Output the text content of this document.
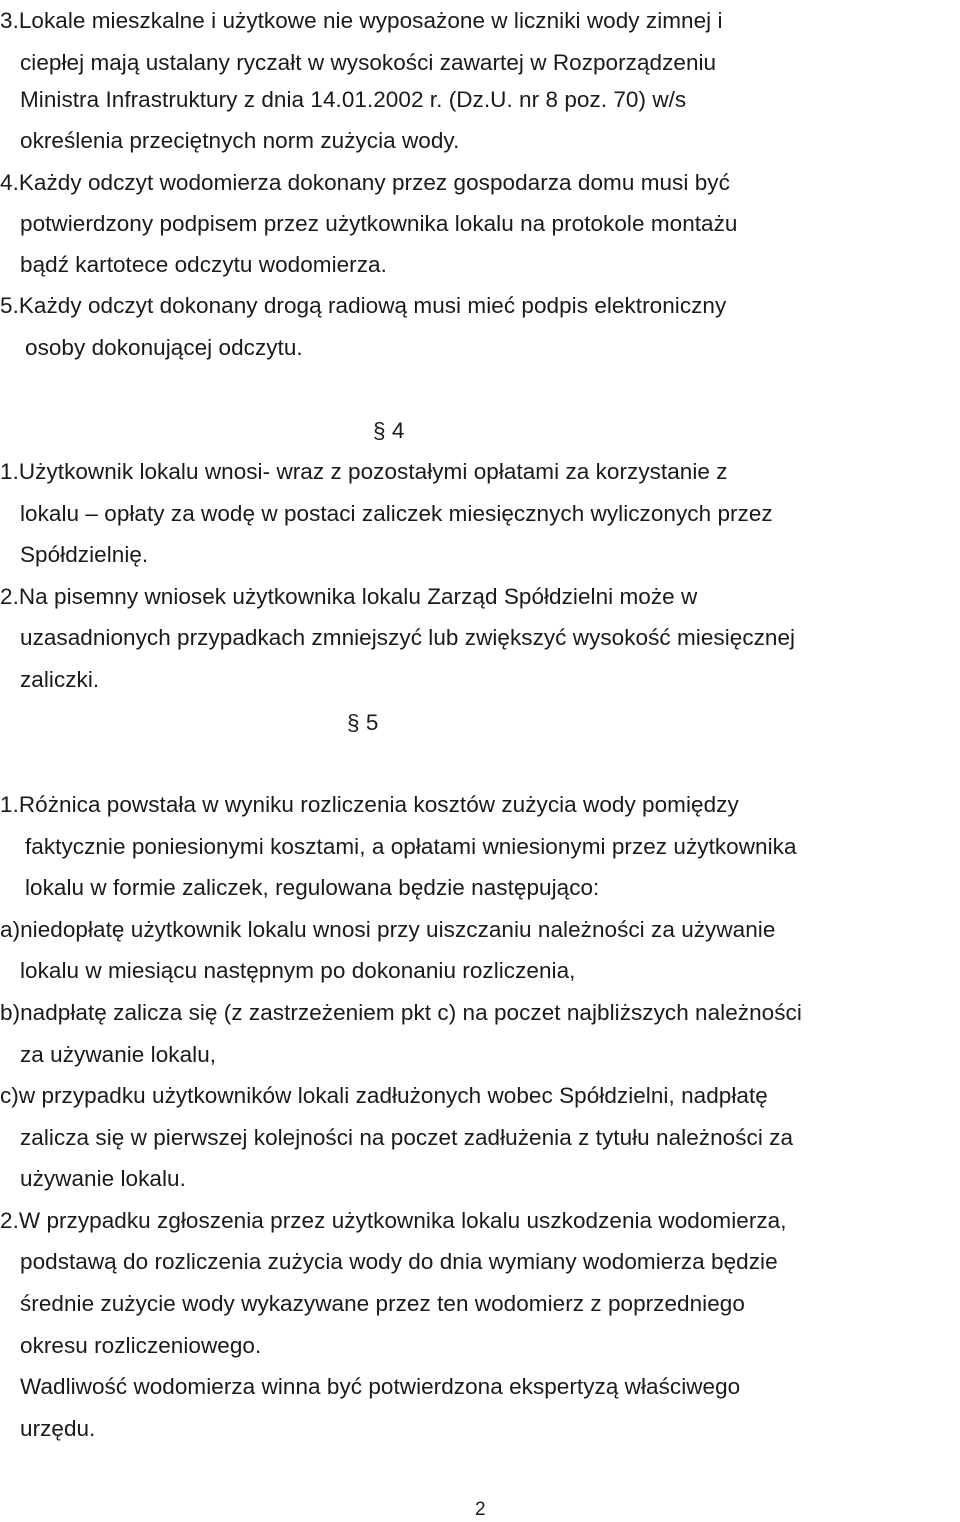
3.Lokale mieszkalne i użytkowe nie wyposażone w liczniki wody zimnej i
ciepłej mają ustalany ryczałt w wysokości zawartej w Rozporządzeniu
Ministra Infrastruktury z dnia 14.01.2002 r. (Dz.U. nr 8 poz. 70) w/s
określenia przeciętnych norm zużycia wody.
4.Każdy odczyt wodomierza dokonany przez gospodarza domu musi być
potwierdzony podpisem przez użytkownika lokalu na protokole montażu
bądź kartotece odczytu wodomierza.
5.Każdy odczyt dokonany drogą radiową musi mieć podpis elektroniczny
osoby dokonującej odczytu.
§ 4
1.Użytkownik lokalu wnosi- wraz z pozostałymi opłatami za korzystanie z
lokalu – opłaty za wodę w postaci zaliczek miesięcznych wyliczonych przez
Spółdzielnię.
2.Na pisemny wniosek użytkownika lokalu Zarząd Spółdzielni może w
uzasadnionych przypadkach zmniejszyć lub zwiększyć wysokość miesięcznej
zaliczki.
§ 5
1.Różnica powstała w wyniku rozliczenia kosztów zużycia wody pomiędzy
faktycznie poniesionymi kosztami, a opłatami wniesionymi przez użytkownika
lokalu w formie zaliczek, regulowana będzie następująco:
a)niedopłatę użytkownik lokalu wnosi przy uiszczaniu należności za używanie
lokalu w miesiącu następnym po dokonaniu rozliczenia,
b)nadpłatę zalicza się (z zastrzeżeniem pkt c) na poczet najbliższych należności
za używanie lokalu,
c)w przypadku użytkowników lokali zadłużonych wobec Spółdzielni, nadpłatę
zalicza się w pierwszej kolejności na poczet zadłużenia z tytułu należności za
używanie lokalu.
2.W przypadku zgłoszenia przez użytkownika lokalu uszkodzenia wodomierza,
podstawą do rozliczenia zużycia wody do dnia wymiany wodomierza będzie
średnie zużycie wody wykazywane przez ten wodomierz z poprzedniego
okresu rozliczeniowego.
Wadliwość wodomierza winna być potwierdzona ekspertyzą właściwego
urzędu.
2
